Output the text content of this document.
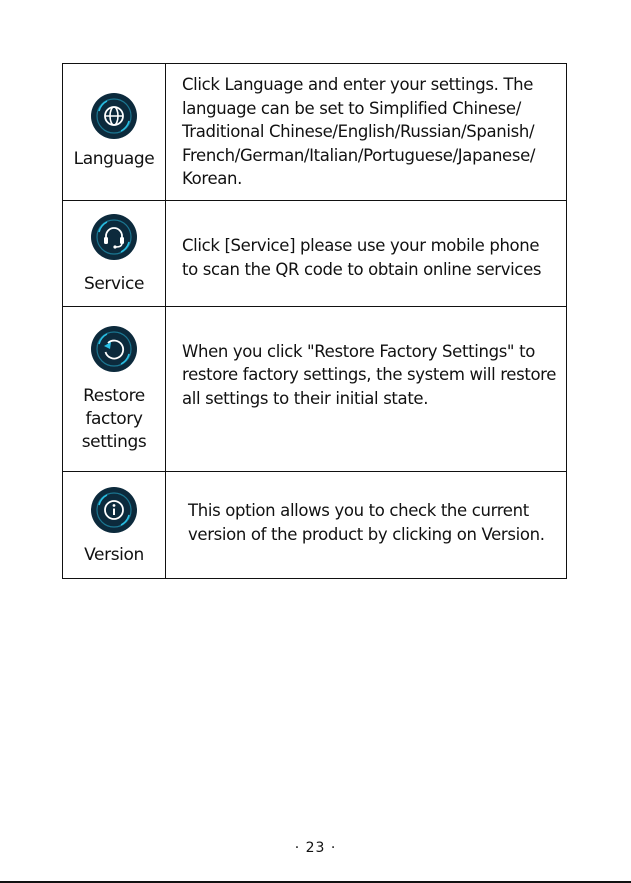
Language
Click Language and enter your settings. The language can be set to Simplified Chinese/ Traditional Chinese/English/Russian/Spanish/ French/German/Italian/Portuguese/Japanese/ Korean.
Service
Click [Service] please use your mobile phone to scan the QR code to obtain online services
Restore factory settings
When you click "Restore Factory Settings" to restore factory settings, the system will restore all settings to their initial state.
Version
This option allows you to check the current version of the product by clicking on Version.
· 23 ·
